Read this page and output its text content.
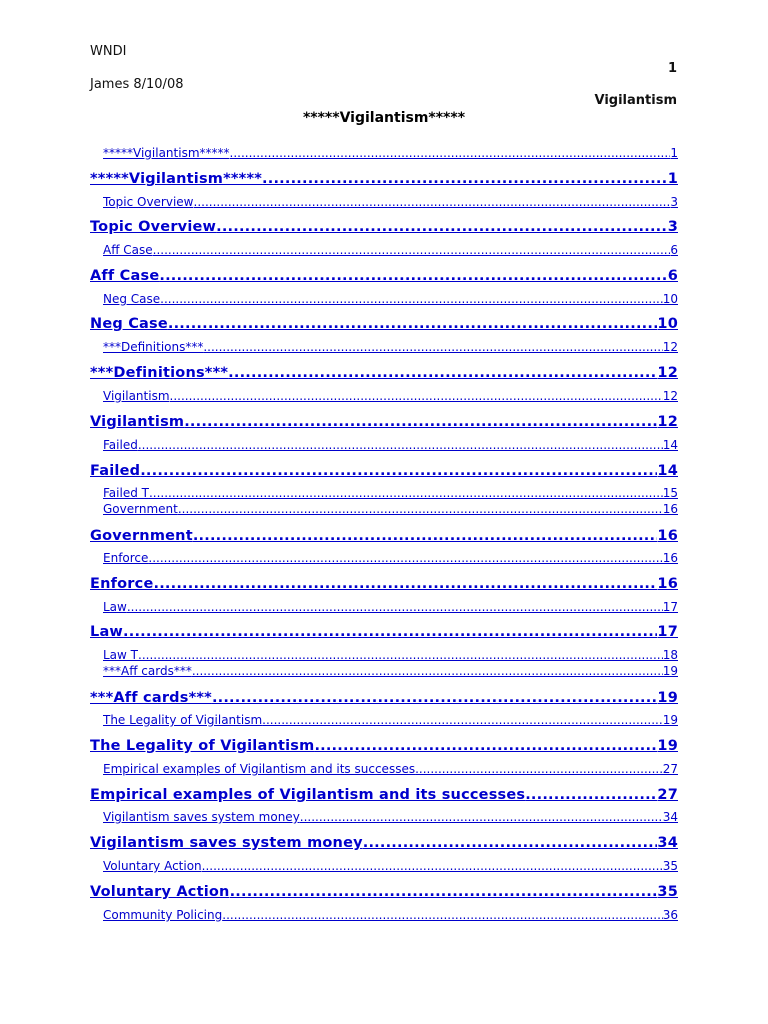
WNDI
James 8/10/08
1
Vigilantism
*****Vigilantism*****
*****Vigilantism***** .....	1
*****Vigilantism***** .....	1
Topic Overview .....	3
Topic Overview .....	3
Aff Case .....	6
Aff Case .....	6
Neg Case .....	10
Neg Case .....	10
***Definitions*** .....	12
***Definitions*** .....	12
Vigilantism .....	12
Vigilantism .....	12
Failed .....	14
Failed .....	14
Failed T .....	15
Government .....	16
Government .....	16
Enforce .....	16
Enforce .....	16
Law .....	17
Law .....	17
Law T .....	18
***Aff cards*** .....	19
***Aff cards*** .....	19
The Legality of Vigilantism .....	19
The Legality of Vigilantism .....	19
Empirical examples of Vigilantism and its successes .....	27
Empirical examples of Vigilantism and its successes .....	27
Vigilantism saves system money .....	34
Vigilantism saves system money .....	34
Voluntary Action .....	35
Voluntary Action .....	35
Community Policing .....	36
